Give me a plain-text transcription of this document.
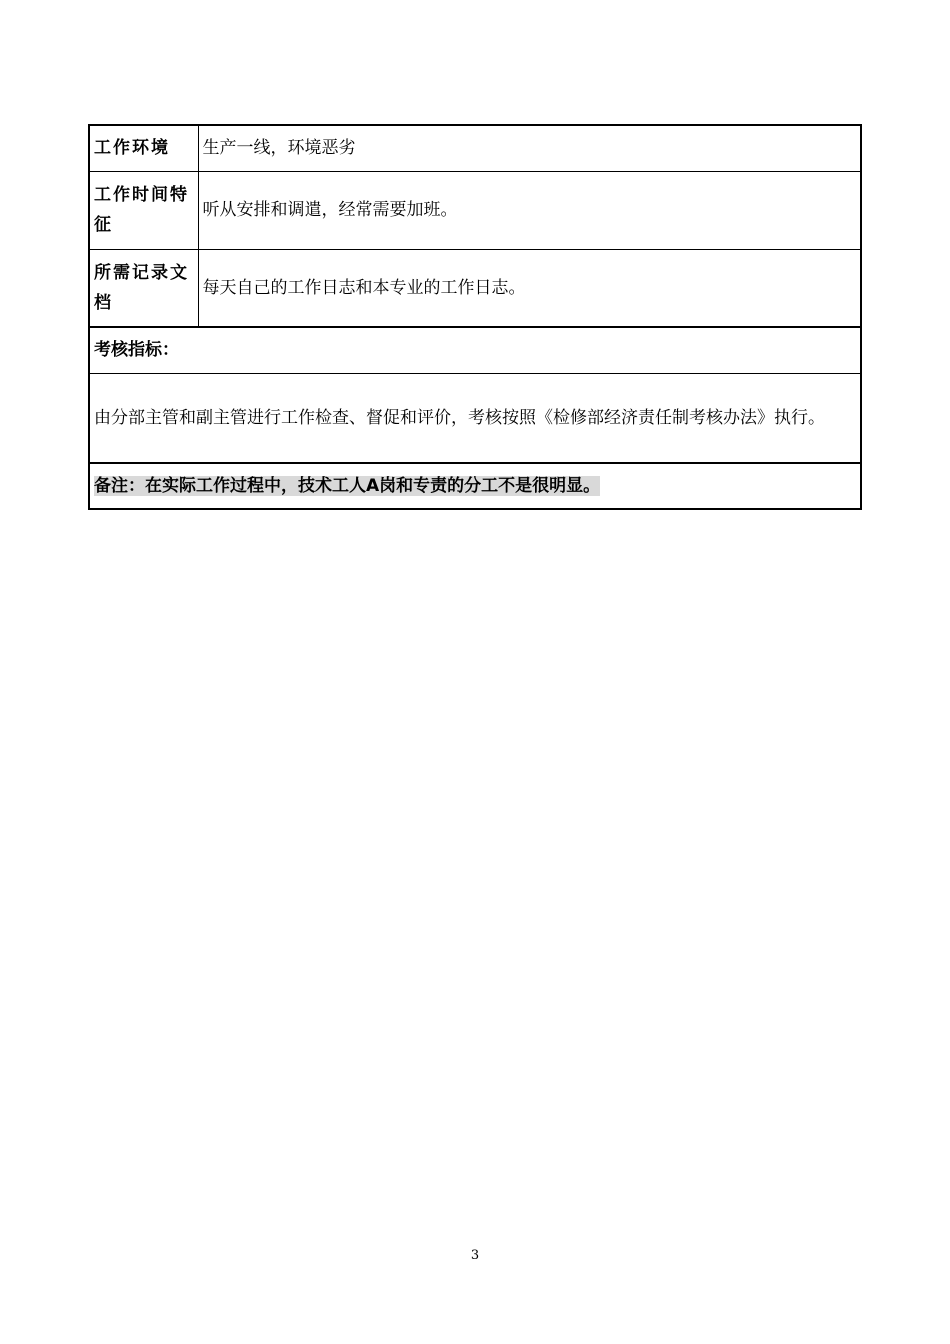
工作环境	生产一线，环境恶劣
工作时间特征	听从安排和调遣，经常需要加班。
所需记录文档	每天自己的工作日志和本专业的工作日志。
考核指标：	
由分部主管和副主管进行工作检查、督促和评价，考核按照《检修部经济责任制考核办法》执行。	
备注：在实际工作过程中，技术工人A岗和专责的分工不是很明显。	
3
